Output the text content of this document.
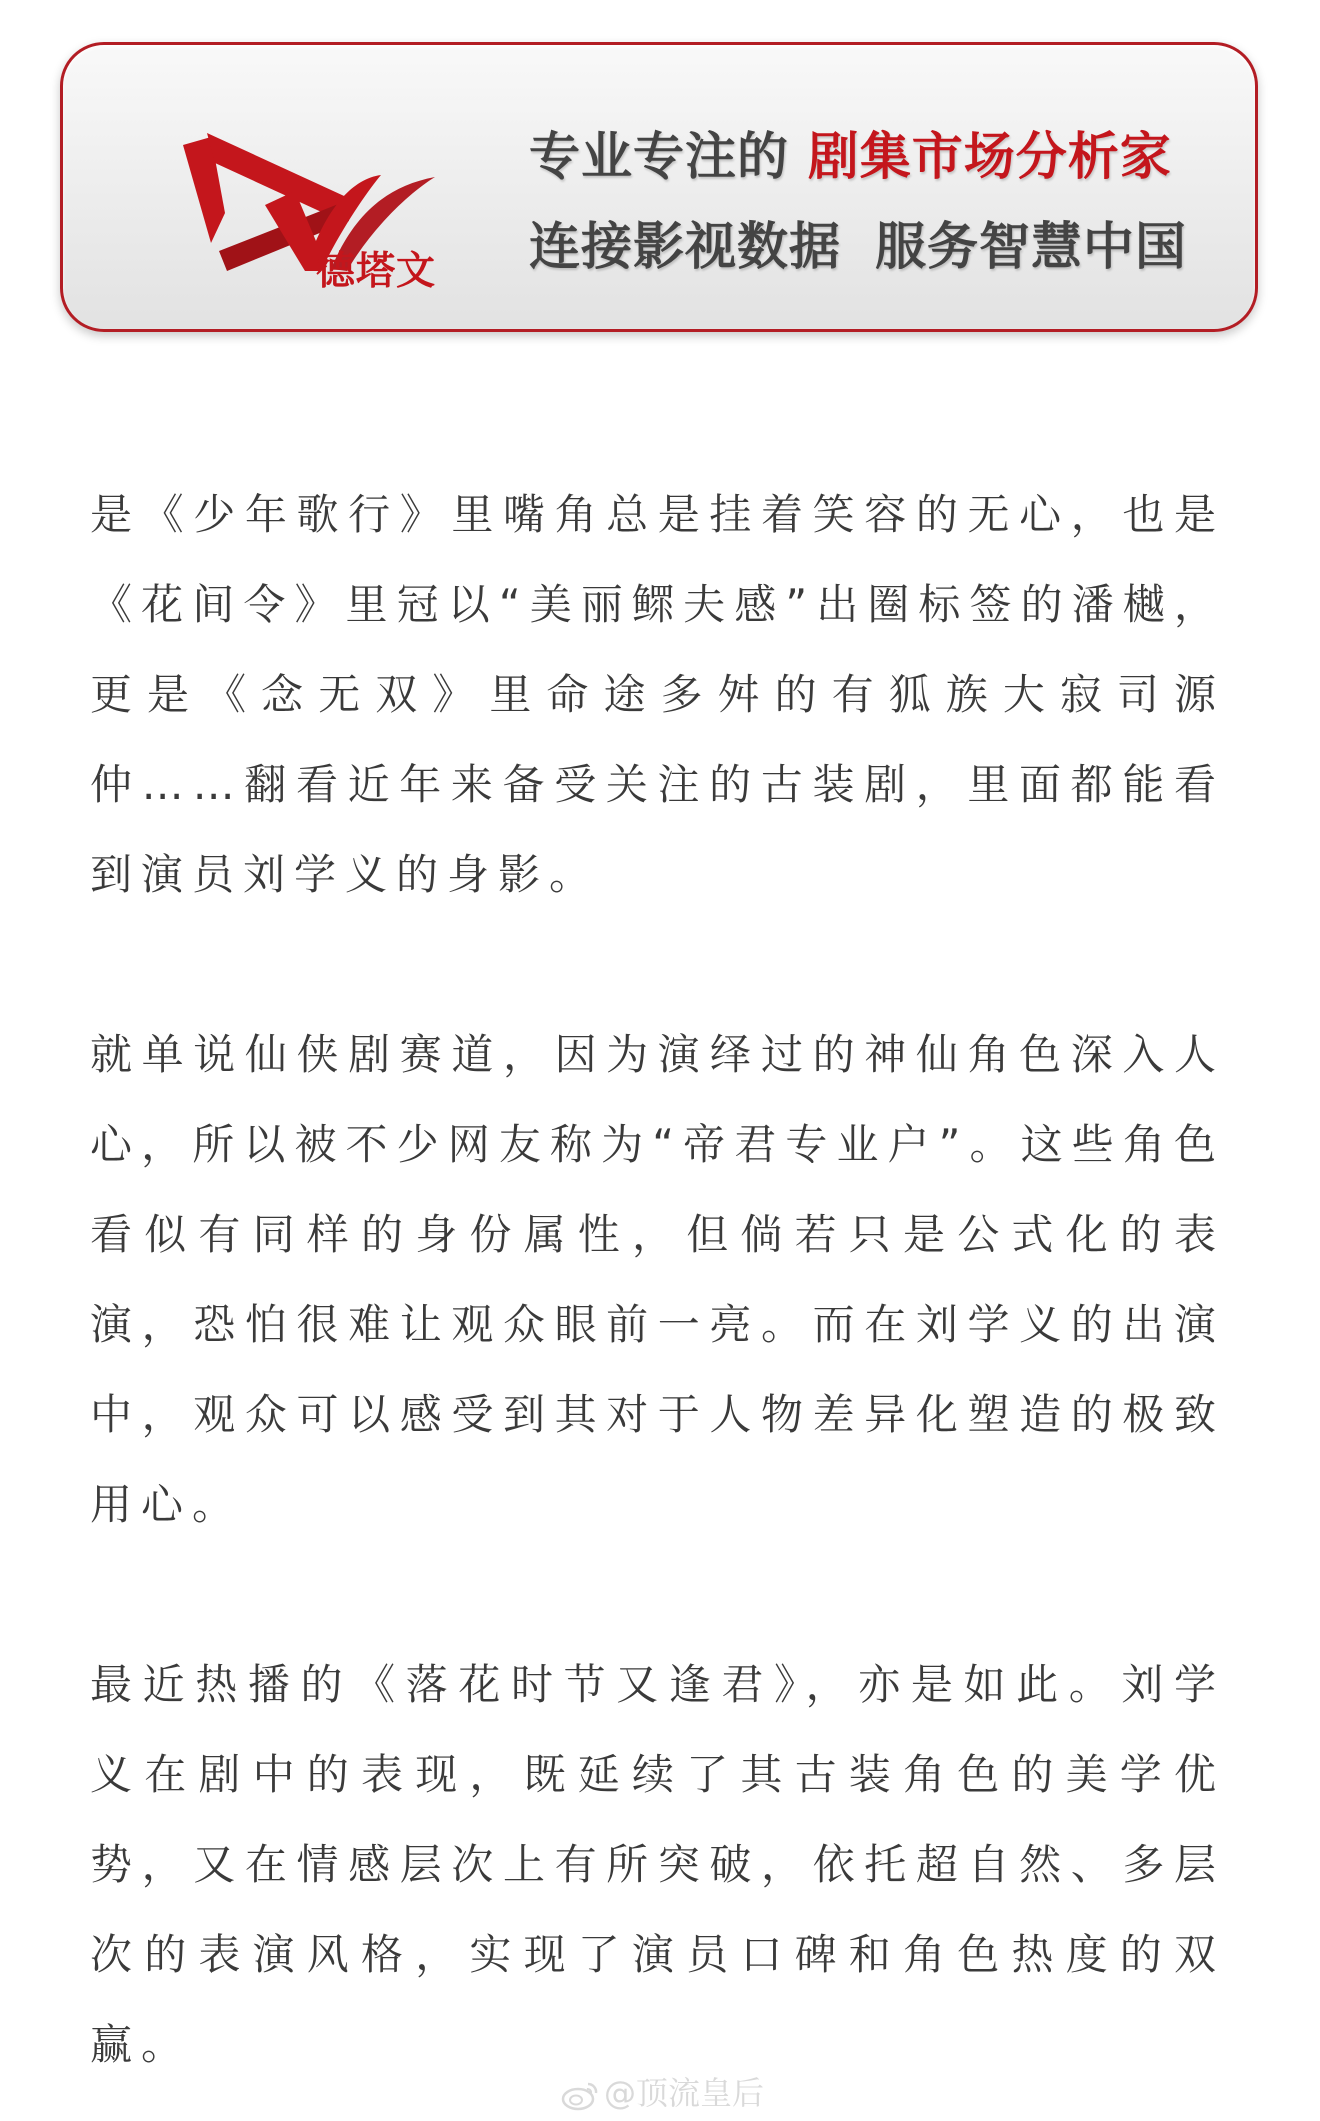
德塔文
专业专注的 剧集市场分析家
连接影视数据 服务智慧中国

是《少年歌行》里嘴角总是挂着笑容的无心，也是《花间令》里冠以“美丽鳏夫感”出圈标签的潘樾，更是《念无双》里命途多舛的有狐族大寂司源仲……翻看近年来备受关注的古装剧，里面都能看到演员刘学义的身影。

就单说仙侠剧赛道，因为演绎过的神仙角色深入人心，所以被不少网友称为“帝君专业户”。这些角色看似有同样的身份属性，但倘若只是公式化的表演，恐怕很难让观众眼前一亮。而在刘学义的出演中，观众可以感受到其对于人物差异化塑造的极致用心。

最近热播的《落花时节又逢君》，亦是如此。刘学义在剧中的表现，既延续了其古装角色的美学优势，又在情感层次上有所突破，依托超自然、多层次的表演风格，实现了演员口碑和角色热度的双赢。

@顶流皇后
